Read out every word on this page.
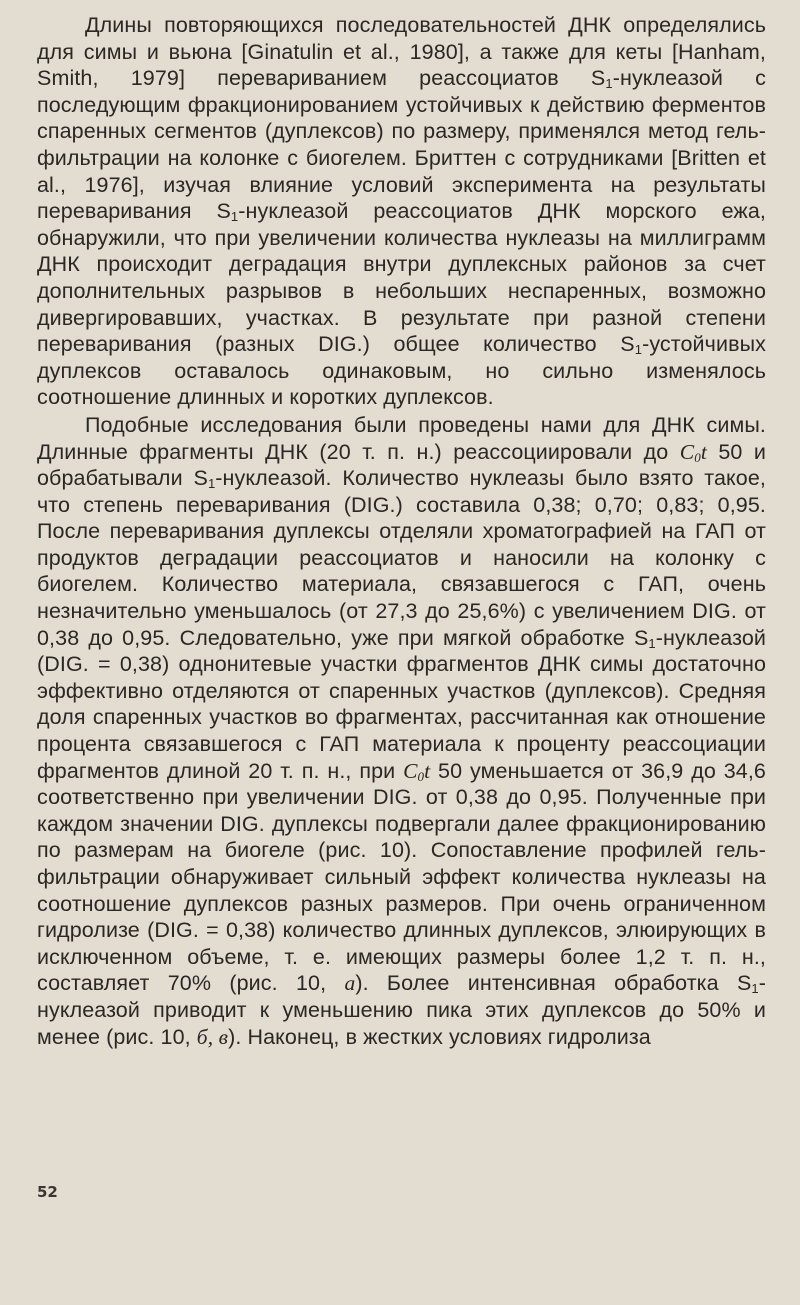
Длины повторяющихся последовательностей ДНК определялись для симы и вьюна [Ginatulin et al., 1980], а также для кеты [Hanham, Smith, 1979] перевариванием реассоциатов $S_1$-нуклеазой с последующим фракционированием устойчивых к действию ферментов спаренных сегментов (дуплексов) по размеру, применялся метод гель-фильтрации на колонке с биогелем. Бриттен с сотрудниками [Britten et al., 1976], изучая влияние условий эксперимента на результаты переваривания $S_1$-нуклеазой реассоциатов ДНК морского ежа, обнаружили, что при увеличении количества нуклеазы на миллиграмм ДНК происходит деградация внутри дуплексных районов за счет дополнительных разрывов в небольших неспаренных, возможно дивергировавших, участках. В результате при разной степени переваривания (разных DIG.) общее количество $S_1$-устойчивых дуплексов оставалось одинаковым, но сильно изменялось соотношение длинных и коротких дуплексов.

Подобные исследования были проведены нами для ДНК симы. Длинные фрагменты ДНК (20 т. п. н.) реассоциировали до $C_0t$ 50 и обрабатывали $S_1$-нуклеазой. Количество нуклеазы было взято такое, что степень переваривания (DIG.) составила 0,38; 0,70; 0,83; 0,95. После переваривания дуплексы отделяли хроматографией на ГАП от продуктов деградации реассоциатов и наносили на колонку с биогелем. Количество материала, связавшегося с ГАП, очень незначительно уменьшалось (от 27,3 до 25,6%) с увеличением DIG. от 0,38 до 0,95. Следовательно, уже при мягкой обработке $S_1$-нуклеазой (DIG. = 0,38) однонитевые участки фрагментов ДНК симы достаточно эффективно отделяются от спаренных участков (дуплексов). Средняя доля спаренных участков во фрагментах, рассчитанная как отношение процента связавшегося с ГАП материала к проценту реассоциации фрагментов длиной 20 т. п. н., при $C_0t$ 50 уменьшается от 36,9 до 34,6 соответственно при увеличении DIG. от 0,38 до 0,95. Полученные при каждом значении DIG. дуплексы подвергали далее фракционированию по размерам на биогеле (рис. 10). Сопоставление профилей гель-фильтрации обнаруживает сильный эффект количества нуклеазы на соотношение дуплексов разных размеров. При очень ограниченном гидролизе (DIG. = 0,38) количество длинных дуплексов, элюирующих в исключенном объеме, т. е. имеющих размеры более 1,2 т. п. н., составляет 70% (рис. 10, а). Более интенсивная обработка $S_1$-нуклеазой приводит к уменьшению пика этих дуплексов до 50% и менее (рис. 10, б, в). Наконец, в жестких условиях гидролиза

52
